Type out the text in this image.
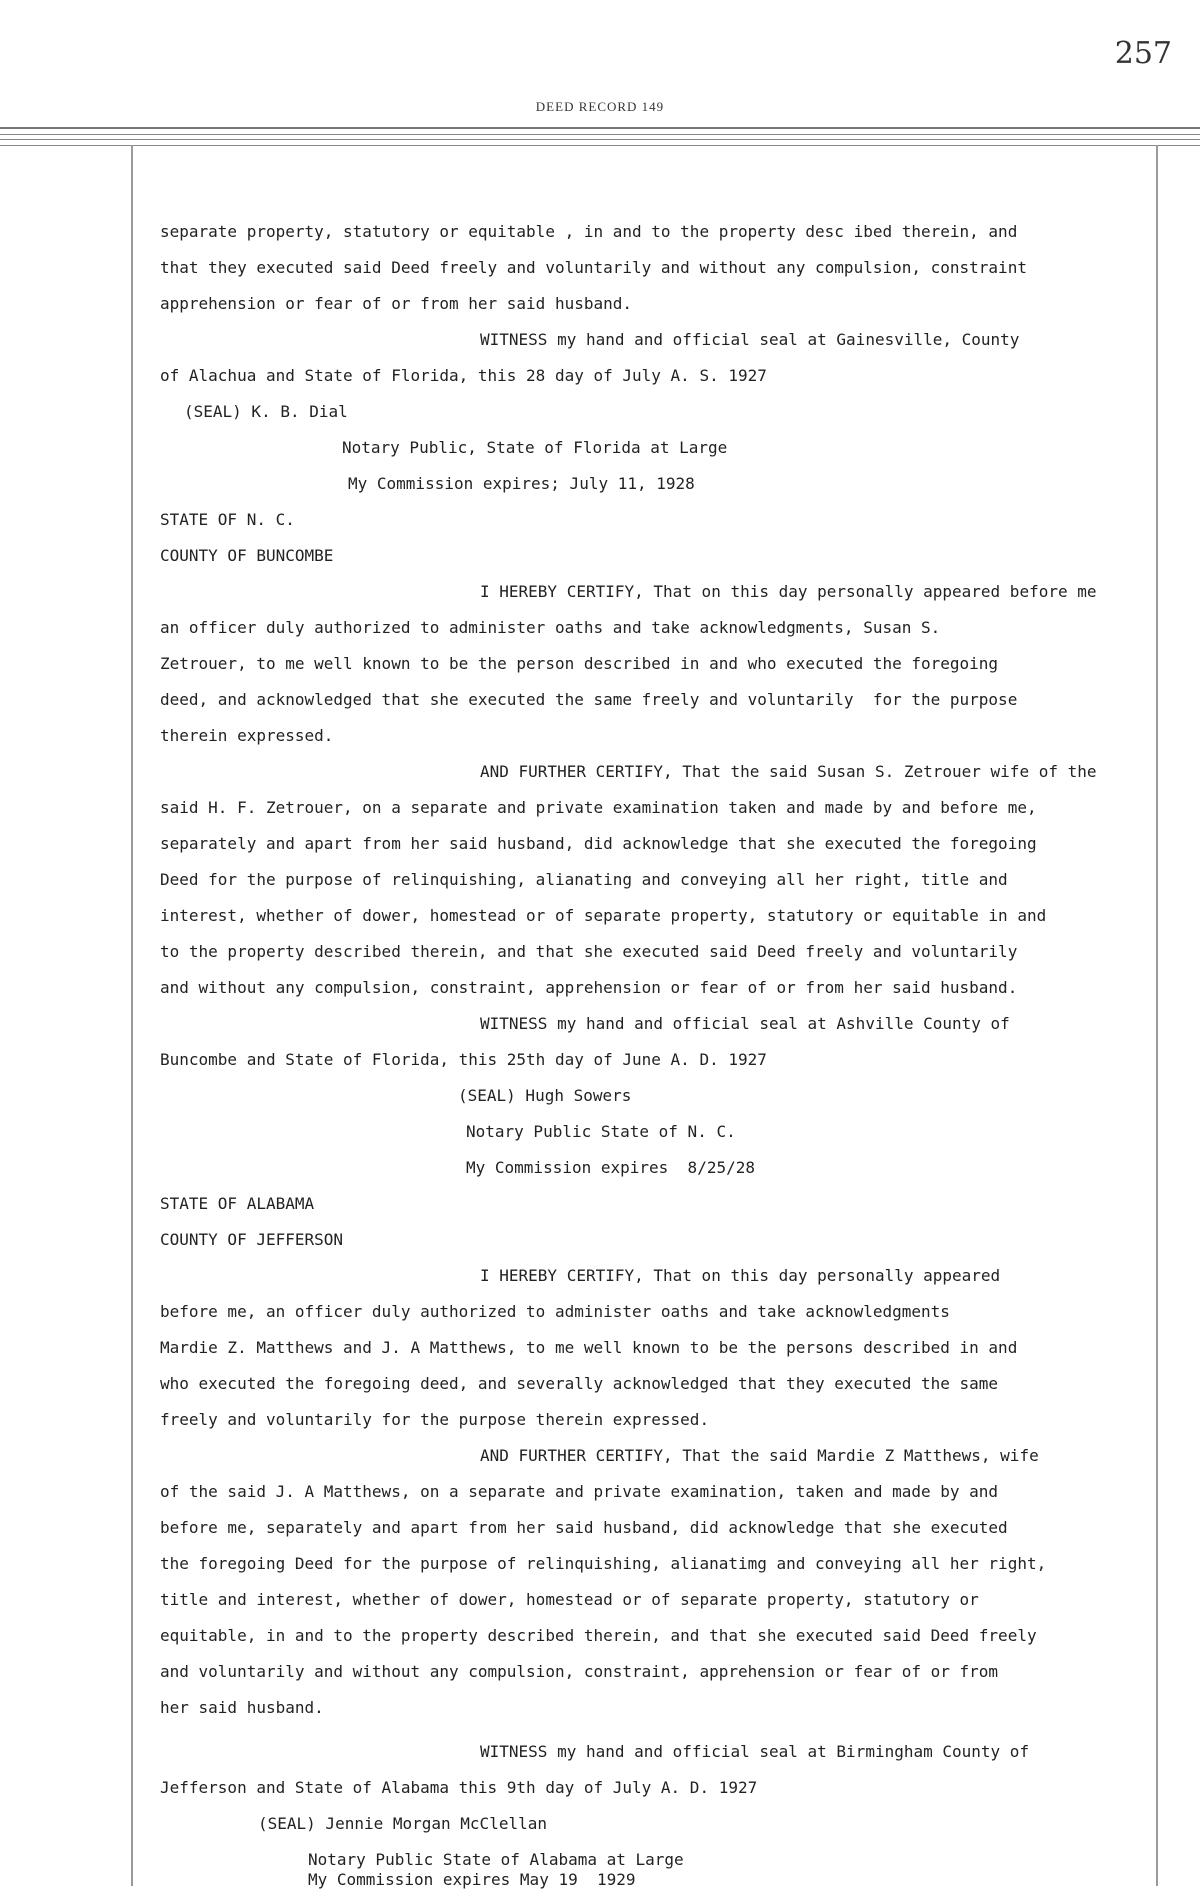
257
DEED RECORD 149
separate property, statutory or equitable , in and to the property desc ibed therein, and
that they executed said Deed freely and voluntarily and without any compulsion, constraint
apprehension or fear of or from her said husband.
WITNESS my hand and official seal at Gainesville, County
of Alachua and State of Florida, this 28 day of July A. S. 1927
(SEAL) K. B. Dial
Notary Public, State of Florida at Large
My Commission expires; July 11, 1928
STATE OF N. C.
COUNTY OF BUNCOMBE
I HEREBY CERTIFY, That on this day personally appeared before me
an officer duly authorized to administer oaths and take acknowledgments, Susan S.
Zetrouer, to me well known to be the person described in and who executed the foregoing
deed, and acknowledged that she executed the same freely and voluntarily  for the purpose
therein expressed.
AND FURTHER CERTIFY, That the said Susan S. Zetrouer wife of the
said H. F. Zetrouer, on a separate and private examination taken and made by and before me,
separately and apart from her said husband, did acknowledge that she executed the foregoing
Deed for the purpose of relinquishing, alianating and conveying all her right, title and
interest, whether of dower, homestead or of separate property, statutory or equitable in and
to the property described therein, and that she executed said Deed freely and voluntarily
and without any compulsion, constraint, apprehension or fear of or from her said husband.
WITNESS my hand and official seal at Ashville County of
Buncombe and State of Florida, this 25th day of June A. D. 1927
(SEAL) Hugh Sowers
Notary Public State of N. C.
My Commission expires  8/25/28
STATE OF ALABAMA
COUNTY OF JEFFERSON
I HEREBY CERTIFY, That on this day personally appeared
before me, an officer duly authorized to administer oaths and take acknowledgments
Mardie Z. Matthews and J. A Matthews, to me well known to be the persons described in and
who executed the foregoing deed, and severally acknowledged that they executed the same
freely and voluntarily for the purpose therein expressed.
AND FURTHER CERTIFY, That the said Mardie Z Matthews, wife
of the said J. A Matthews, on a separate and private examination, taken and made by and
before me, separately and apart from her said husband, did acknowledge that she executed
the foregoing Deed for the purpose of relinquishing, alianatimg and conveying all her right,
title and interest, whether of dower, homestead or of separate property, statutory or
equitable, in and to the property described therein, and that she executed said Deed freely
and voluntarily and without any compulsion, constraint, apprehension or fear of or from
her said husband.
WITNESS my hand and official seal at Birmingham County of
Jefferson and State of Alabama this 9th day of July A. D. 1927
(SEAL) Jennie Morgan McClellan
Notary Public State of Alabama at Large
My Commission expires May 19  1929
